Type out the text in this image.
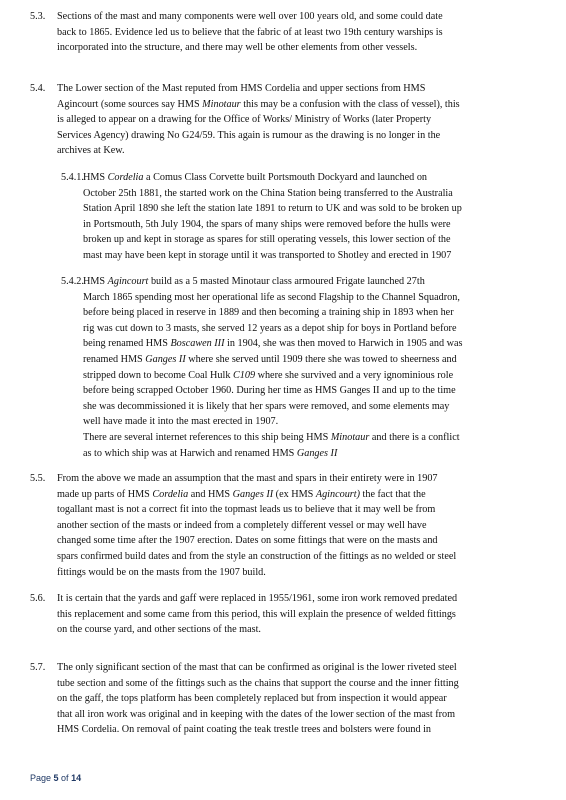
5.3. Sections of the mast and many components were well over 100 years old, and some could date
back to 1865. Evidence led us to believe that the fabric of at least two 19th century warships is
incorporated into the structure, and there may well be other elements from other vessels.
5.4. The Lower section of the Mast reputed from HMS Cordelia and upper sections from HMS
Agincourt (some sources say HMS Minotaur this may be a confusion with the class of vessel), this
is alleged to appear on a drawing for the Office of Works/ Ministry of Works (later Property
Services Agency) drawing No G24/59. This again is rumour as the drawing is no longer in the
archives at Kew.
5.4.1. HMS Cordelia a Comus Class Corvette built Portsmouth Dockyard and launched on
October 25th 1881, the started work on the China Station being transferred to the Australia
Station April 1890 she left the station late 1891 to return to UK and was sold to be broken up
in Portsmouth, 5th July 1904, the spars of many ships were removed before the hulls were
broken up and kept in storage as spares for still operating vessels, this lower section of the
mast may have been kept in storage until it was transported to Shotley and erected in 1907
5.4.2. HMS Agincourt build as a 5 masted Minotaur class armoured Frigate launched 27th
March 1865 spending most her operational life as second Flagship to the Channel Squadron,
before being placed in reserve in 1889 and then becoming a training ship in 1893 when her
rig was cut down to 3 masts, she served 12 years as a depot ship for boys in Portland before
being renamed HMS Boscawen III in 1904, she was then moved to Harwich in 1905 and was
renamed HMS Ganges II where she served until 1909 there she was towed to sheerness and
stripped down to become Coal Hulk C109 where she survived and a very ignominious role
before being scrapped October 1960. During her time as HMS Ganges II and up to the time
she was decommissioned it is likely that her spars were removed, and some elements may
well have made it into the mast erected in 1907.
There are several internet references to this ship being HMS Minotaur and there is a conflict
as to which ship was at Harwich and renamed HMS Ganges II
5.5. From the above we made an assumption that the mast and spars in their entirety were in 1907
made up parts of HMS Cordelia and HMS Ganges II (ex HMS Agincourt) the fact that the
togallant mast is not a correct fit into the topmast leads us to believe that it may well be from
another section of the masts or indeed from a completely different vessel or may well have
changed some time after the 1907 erection. Dates on some fittings that were on the masts and
spars confirmed build dates and from the style an construction of the fittings as no welded or steel
fittings would be on the masts from the 1907 build.
5.6. It is certain that the yards and gaff were replaced in 1955/1961, some iron work removed predated
this replacement and some came from this period, this will explain the presence of welded fittings
on the course yard, and other sections of the mast.
5.7. The only significant section of the mast that can be confirmed as original is the lower riveted steel
tube section and some of the fittings such as the chains that support the course and the inner fitting
on the gaff, the tops platform has been completely replaced but from inspection it would appear
that all iron work was original and in keeping with the dates of the lower section of the mast from
HMS Cordelia. On removal of paint coating the teak trestle trees and bolsters were found in
Page 5 of 14
